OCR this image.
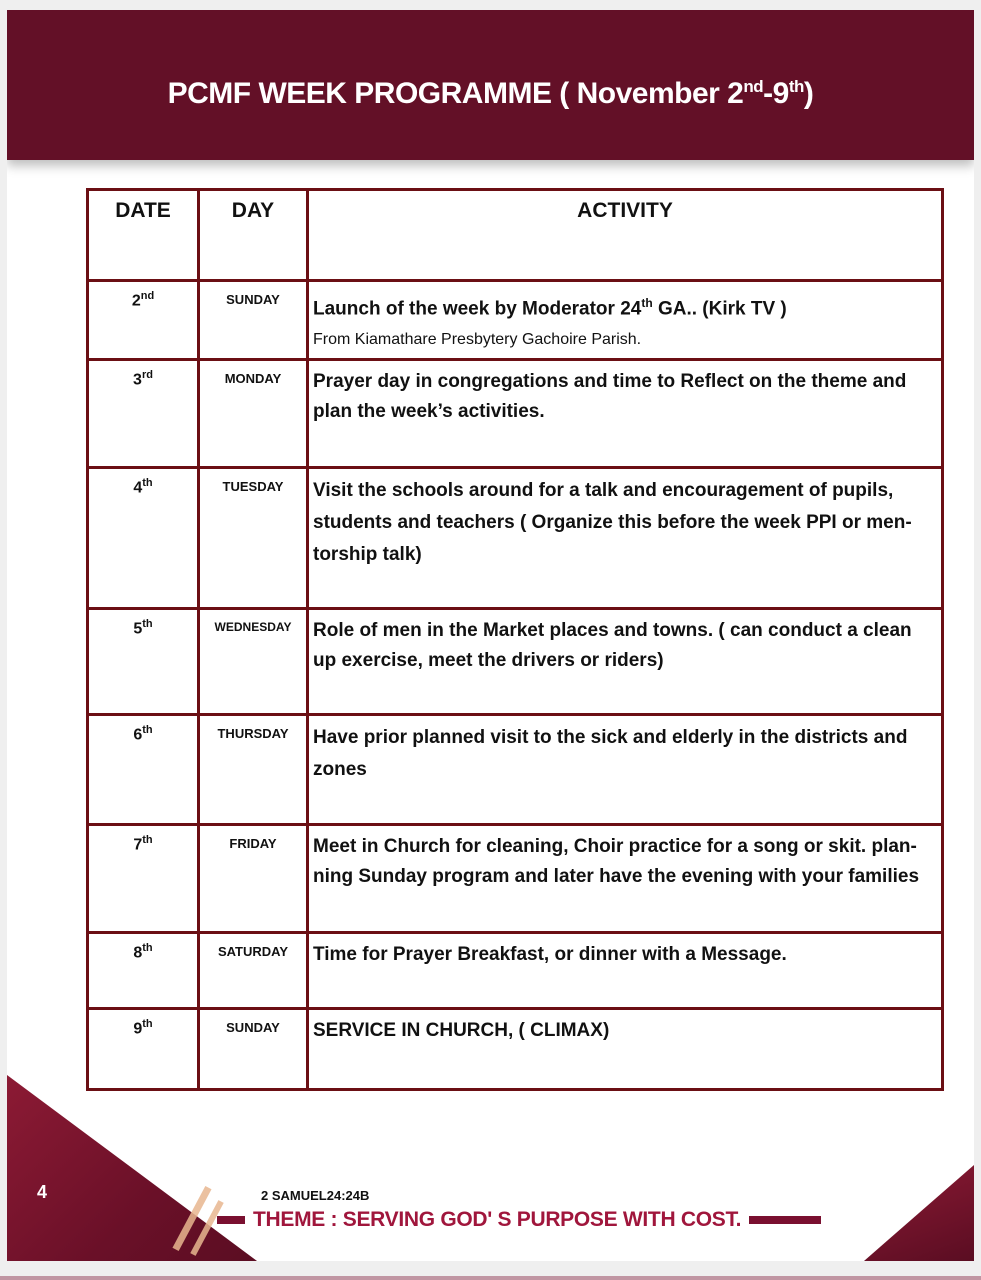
PCMF WEEK PROGRAMME ( November 2nd-9th)
DATE	DAY	ACTIVITY
2nd	SUNDAY	Launch of the week by Moderator 24th GA.. (Kirk TV )
From Kiamathare Presbytery Gachoire Parish.
3rd	MONDAY	Prayer day in congregations and time to Reflect on the theme and plan the week’s activities.
4th	TUESDAY	Visit the schools around for a talk and encouragement of pupils, students and teachers ( Organize this before the week PPI or men-torship talk)
5th	WEDNESDAY	Role of men in the Market places and towns. ( can conduct a clean up exercise, meet the drivers or riders)
6th	THURSDAY	Have prior planned visit to the sick and elderly in the districts and zones
7th	FRIDAY	Meet in Church for cleaning, Choir practice for a song or skit. plan-ning Sunday program and later have the evening with your families
8th	SATURDAY	Time for Prayer Breakfast, or dinner with a Message.
9th	SUNDAY	SERVICE IN CHURCH, ( CLIMAX)
4	2 SAMUEL24:24B
THEME : SERVING GOD' S PURPOSE WITH COST.
